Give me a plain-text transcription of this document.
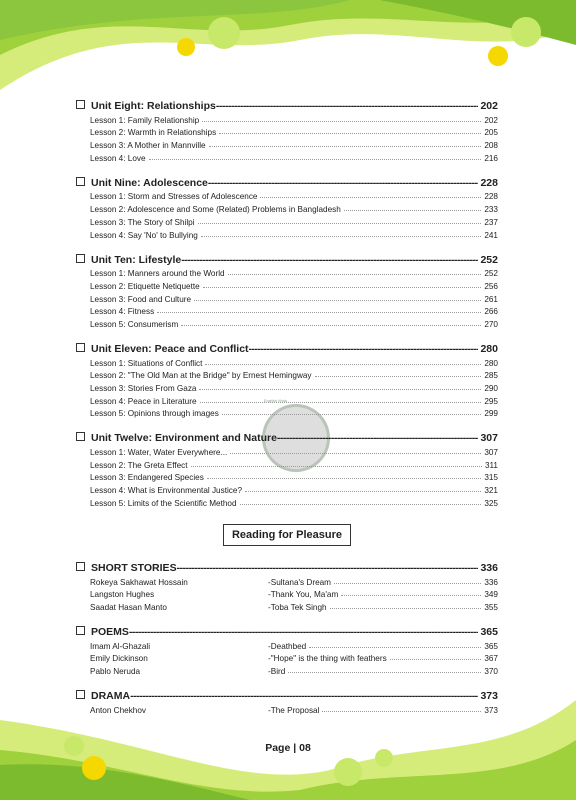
English Moja
Unit Eight: Relationships -----	202
Lesson 1: Family Relationship	202
Lesson 2: Warmth in Relationships	205
Lesson 3: A Mother in Mannville	208
Lesson 4: Love	216
Unit Nine: Adolescence -----	228
Lesson 1: Storm and Stresses of Adolescence	228
Lesson 2: Adolescence and Some (Related) Problems in Bangladesh	233
Lesson 3: The Story of Shilpi	237
Lesson 4: Say 'No' to Bullying	241
Unit Ten: Lifestyle -----	252
Lesson 1: Manners around the World	252
Lesson 2: Etiquette Netiquette	256
Lesson 3: Food and Culture	261
Lesson 4: Fitness	266
Lesson 5: Consumerism	270
Unit Eleven: Peace and Conflict -----	280
Lesson 1: Situations of Conflict	280
Lesson 2: "The Old Man at the Bridge" by Ernest Hemingway	285
Lesson 3: Stories From Gaza	290
Lesson 4: Peace in Literature	295
Lesson 5: Opinions through images	299
Unit Twelve: Environment and Nature -----	307
Lesson 1: Water, Water Everywhere...	307
Lesson 2: The Greta Effect	311
Lesson 3: Endangered Species	315
Lesson 4: What is Environmental Justice?	321
Lesson 5: Limits of the Scientific Method	325
Reading for Pleasure
SHORT STORIES -----	336
Rokeya Sakhawat Hossain	-Sultana's Dream	336
Langston Hughes	-Thank You, Ma'am	349
Saadat Hasan Manto	-Toba Tek Singh	355
POEMS -----	365
Imam Al-Ghazali	-Deathbed	365
Emily Dickinson	-"Hope" is the thing with feathers	367
Pablo Neruda	-Bird	370
DRAMA -----	373
Anton Chekhov	-The Proposal	373
Page | 08
